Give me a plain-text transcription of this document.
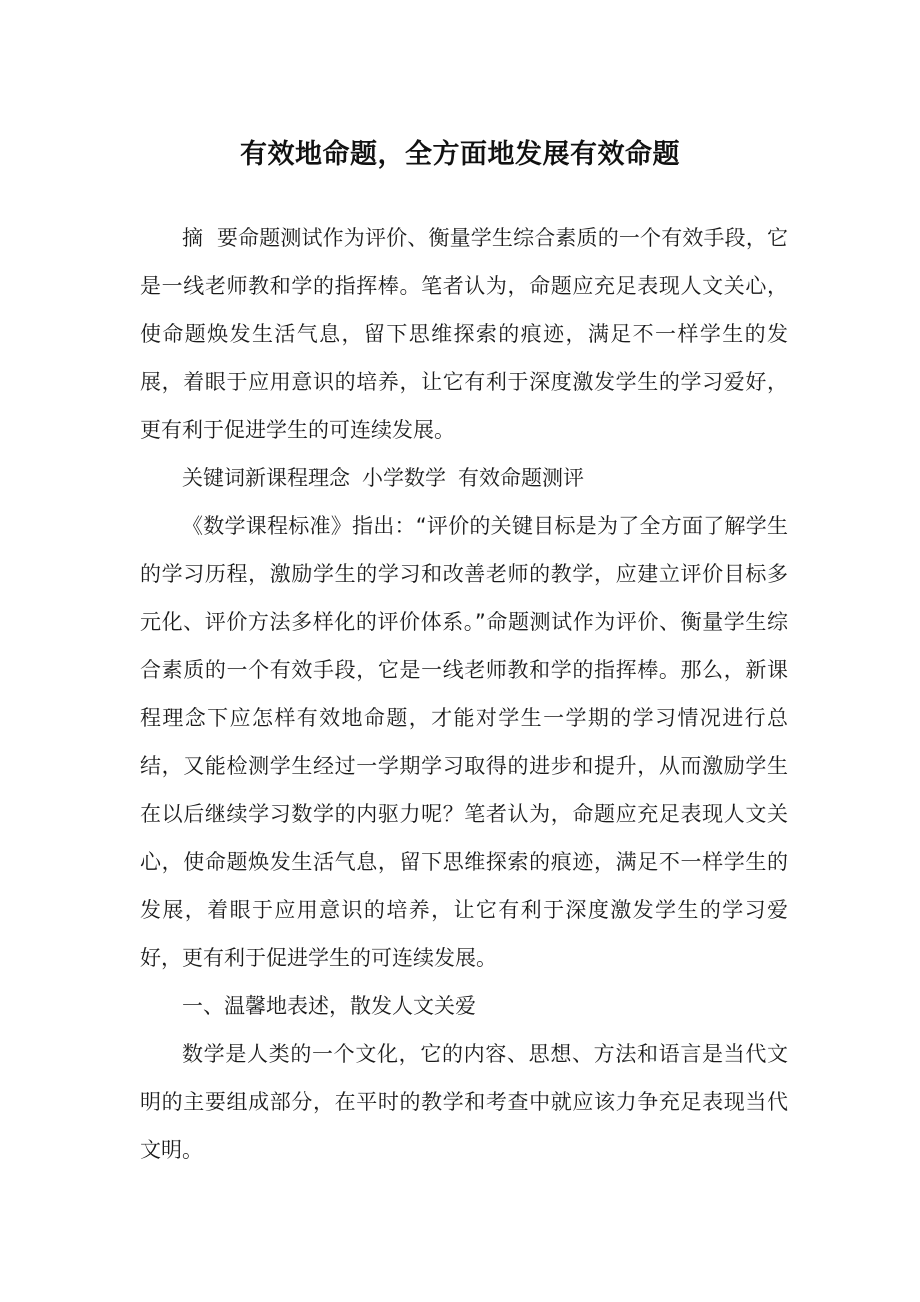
有效地命题，全方面地发展有效命题

摘  要命题测试作为评价、衡量学生综合素质的一个有效手段，它是一线老师教和学的指挥棒。笔者认为，命题应充足表现人文关心，使命题焕发生活气息，留下思维探索的痕迹，满足不一样学生的发展，着眼于应用意识的培养，让它有利于深度激发学生的学习爱好，更有利于促进学生的可连续发展。

关键词新课程理念 小学数学 有效命题测评

《数学课程标准》指出：“评价的关键目标是为了全方面了解学生的学习历程，激励学生的学习和改善老师的教学，应建立评价目标多元化、评价方法多样化的评价体系。”命题测试作为评价、衡量学生综合素质的一个有效手段，它是一线老师教和学的指挥棒。那么，新课程理念下应怎样有效地命题，才能对学生一学期的学习情况进行总结，又能检测学生经过一学期学习取得的进步和提升，从而激励学生在以后继续学习数学的内驱力呢？笔者认为，命题应充足表现人文关心，使命题焕发生活气息，留下思维探索的痕迹，满足不一样学生的发展，着眼于应用意识的培养，让它有利于深度激发学生的学习爱好，更有利于促进学生的可连续发展。

一、温馨地表述，散发人文关爱

数学是人类的一个文化，它的内容、思想、方法和语言是当代文明的主要组成部分，在平时的教学和考查中就应该力争充足表现当代文明。
